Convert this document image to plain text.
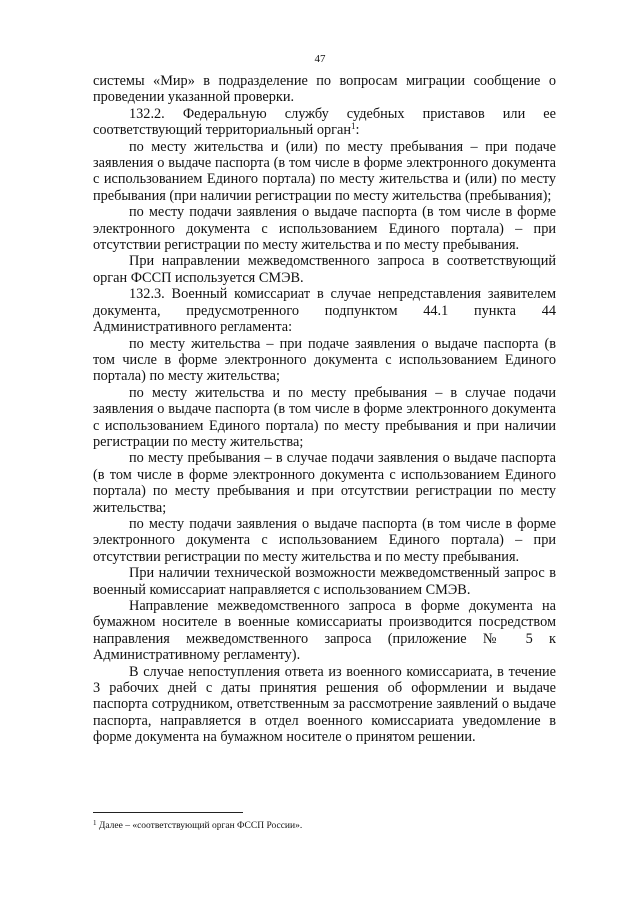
47

системы «Мир» в подразделение по вопросам миграции сообщение о проведении указанной проверки.

132.2. Федеральную службу судебных приставов или ее соответствующий территориальный орган$^1$:

по месту жительства и (или) по месту пребывания – при подаче заявления о выдаче паспорта (в том числе в форме электронного документа с использованием Единого портала) по месту жительства и (или) по месту пребывания (при наличии регистрации по месту жительства (пребывания);

по месту подачи заявления о выдаче паспорта (в том числе в форме электронного документа с использованием Единого портала) – при отсутствии регистрации по месту жительства и по месту пребывания.

При направлении межведомственного запроса в соответствующий орган ФССП используется СМЭВ.

132.3. Военный комиссариат в случае непредставления заявителем документа, предусмотренного подпунктом 44.1 пункта 44 Административного регламента:

по месту жительства – при подаче заявления о выдаче паспорта (в том числе в форме электронного документа с использованием Единого портала) по месту жительства;

по месту жительства и по месту пребывания – в случае подачи заявления о выдаче паспорта (в том числе в форме электронного документа с использованием Единого портала) по месту пребывания и при наличии регистрации по месту жительства;

по месту пребывания – в случае подачи заявления о выдаче паспорта (в том числе в форме электронного документа с использованием Единого портала) по месту пребывания и при отсутствии регистрации по месту жительства;

по месту подачи заявления о выдаче паспорта (в том числе в форме электронного документа с использованием Единого портала) – при отсутствии регистрации по месту жительства и по месту пребывания.

При наличии технической возможности межведомственный запрос в военный комиссариат направляется с использованием СМЭВ.

Направление межведомственного запроса в форме документа на бумажном носителе в военные комиссариаты производится посредством направления межведомственного запроса (приложение № 5 к Административному регламенту).

В случае непоступления ответа из военного комиссариата, в течение 3 рабочих дней с даты принятия решения об оформлении и выдаче паспорта сотрудником, ответственным за рассмотрение заявлений о выдаче паспорта, направляется в отдел военного комиссариата уведомление в форме документа на бумажном носителе о принятом решении.

$^1$ Далее – «соответствующий орган ФССП России».
